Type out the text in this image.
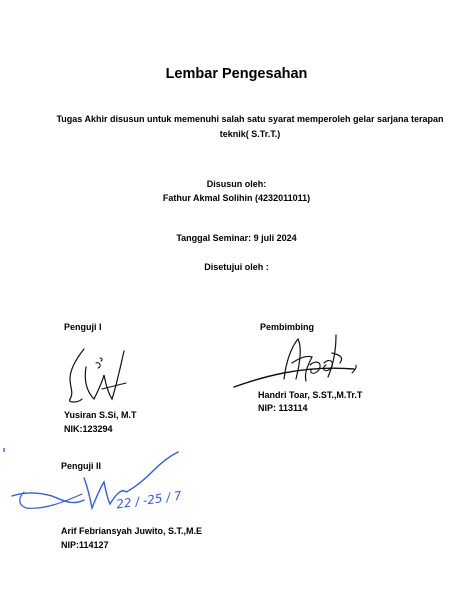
Lembar Pengesahan
Tugas Akhir disusun untuk memenuhi salah satu syarat memperoleh gelar sarjana terapan teknik( S.Tr.T.)
Disusun oleh:
Fathur Akmal Solihin (4232011011)
Tanggal Seminar: 9 juli 2024
Disetujui oleh :
Penguji I
Yusiran S.Si, M.T
NIK:123294
Pembimbing
Handri Toar, S.ST.,M.Tr.T
NIP: 113114
Penguji II
22 / -25 / 7
Arif Febriansyah Juwito, S.T.,M.E
NIP:114127
